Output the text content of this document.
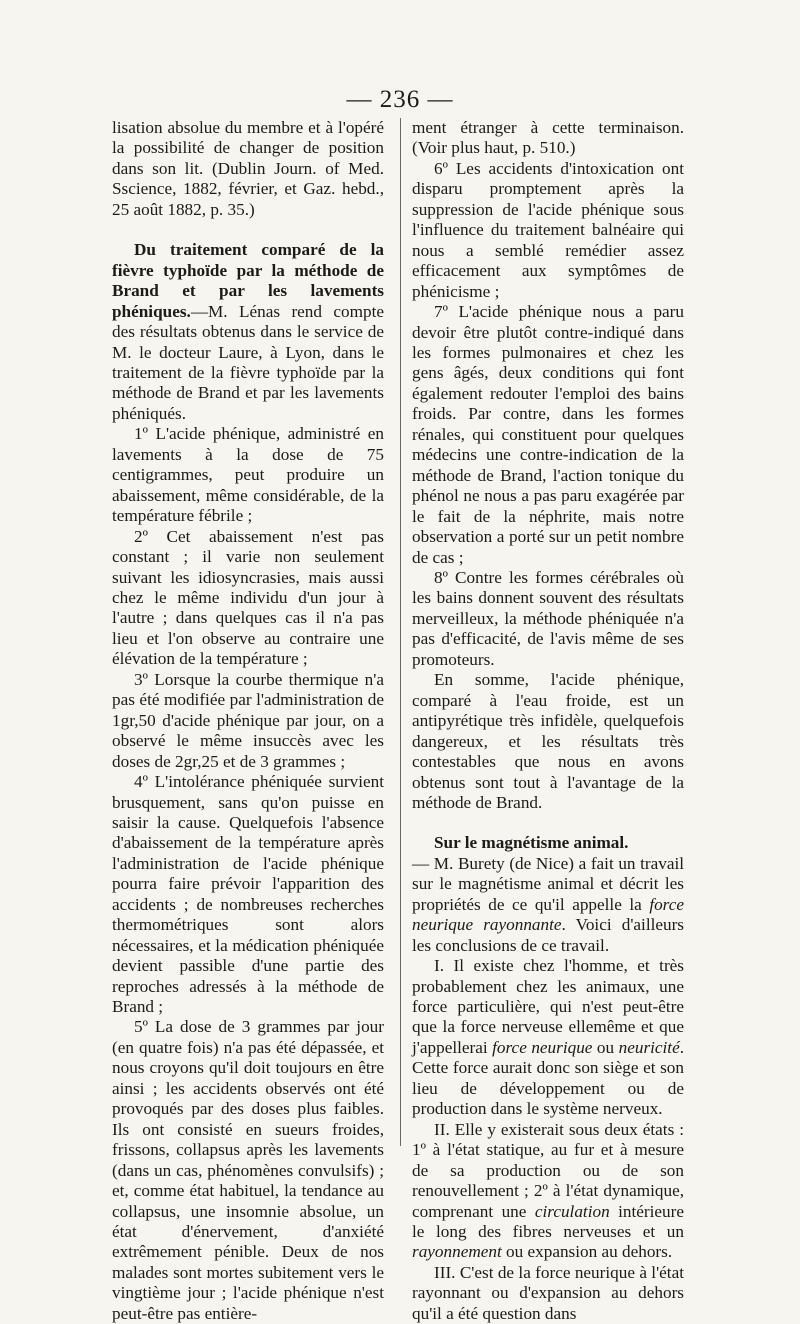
— 236 —

lisation absolue du membre et à l'opéré la possibilité de changer de position dans son lit. (Dublin Journ. of Med. Sscience, 1882, février, et Gaz. hebd., 25 août 1882, p. 35.)

Du traitement comparé de la fièvre typhoïde par la méthode de Brand et par les lavements phéniques.—M. Lénas rend compte des résultats obtenus dans le service de M. le docteur Laure, à Lyon, dans le traitement de la fièvre typhoïde par la méthode de Brand et par les lavements phéniqués.

1º L'acide phénique, administré en lavements à la dose de 75 centigrammes, peut produire un abaissement, même considérable, de la température fébrile ;

2º Cet abaissement n'est pas constant ; il varie non seulement suivant les idiosyncrasies, mais aussi chez le même individu d'un jour à l'autre ; dans quelques cas il n'a pas lieu et l'on observe au contraire une élévation de la température ;

3º Lorsque la courbe thermique n'a pas été modifiée par l'administration de 1gr,50 d'acide phénique par jour, on a observé le même insuccès avec les doses de 2gr,25 et de 3 grammes ;

4º L'intolérance phéniquée survient brusquement, sans qu'on puisse en saisir la cause. Quelquefois l'absence d'abaissement de la température après l'administration de l'acide phénique pourra faire prévoir l'apparition des accidents ; de nombreuses recherches thermométriques sont alors nécessaires, et la médication phéniquée devient passible d'une partie des reproches adressés à la méthode de Brand ;

5º La dose de 3 grammes par jour (en quatre fois) n'a pas été dépassée, et nous croyons qu'il doit toujours en être ainsi ; les accidents observés ont été provoqués par des doses plus faibles. Ils ont consisté en sueurs froides, frissons, collapsus après les lavements (dans un cas, phénomènes convulsifs) ; et, comme état habituel, la tendance au collapsus, une insomnie absolue, un état d'énervement, d'anxiété extrêmement pénible. Deux de nos malades sont mortes subitement vers le vingtième jour ; l'acide phénique n'est peut-être pas entière-

ment étranger à cette terminaison. (Voir plus haut, p. 510.)

6º Les accidents d'intoxication ont disparu promptement après la suppression de l'acide phénique sous l'influence du traitement balnéaire qui nous a semblé remédier assez efficacement aux symptômes de phénicisme ;

7º L'acide phénique nous a paru devoir être plutôt contre-indiqué dans les formes pulmonaires et chez les gens âgés, deux conditions qui font également redouter l'emploi des bains froids. Par contre, dans les formes rénales, qui constituent pour quelques médecins une contre-indication de la méthode de Brand, l'action tonique du phénol ne nous a pas paru exagérée par le fait de la néphrite, mais notre observation a porté sur un petit nombre de cas ;

8º Contre les formes cérébrales où les bains donnent souvent des résultats merveilleux, la méthode phéniquée n'a pas d'efficacité, de l'avis même de ses promoteurs.

En somme, l'acide phénique, comparé à l'eau froide, est un antipyrétique très infidèle, quelquefois dangereux, et les résultats très contestables que nous en avons obtenus sont tout à l'avantage de la méthode de Brand.

Sur le magnétisme animal.

— M. Burety (de Nice) a fait un travail sur le magnétisme animal et décrit les propriétés de ce qu'il appelle la force neurique rayonnante. Voici d'ailleurs les conclusions de ce travail.

I. Il existe chez l'homme, et très probablement chez les animaux, une force particulière, qui n'est peut-être que la force nerveuse ellemême et que j'appellerai force neurique ou neuricité. Cette force aurait donc son siège et son lieu de développement ou de production dans le système nerveux.

II. Elle y existerait sous deux états : 1º à l'état statique, au fur et à mesure de sa production ou de son renouvellement ; 2º à l'état dynamique, comprenant une circulation intérieure le long des fibres nerveuses et un rayonnement ou expansion au dehors.

III. C'est de la force neurique à l'état rayonnant ou d'expansion au dehors qu'il a été question dans
